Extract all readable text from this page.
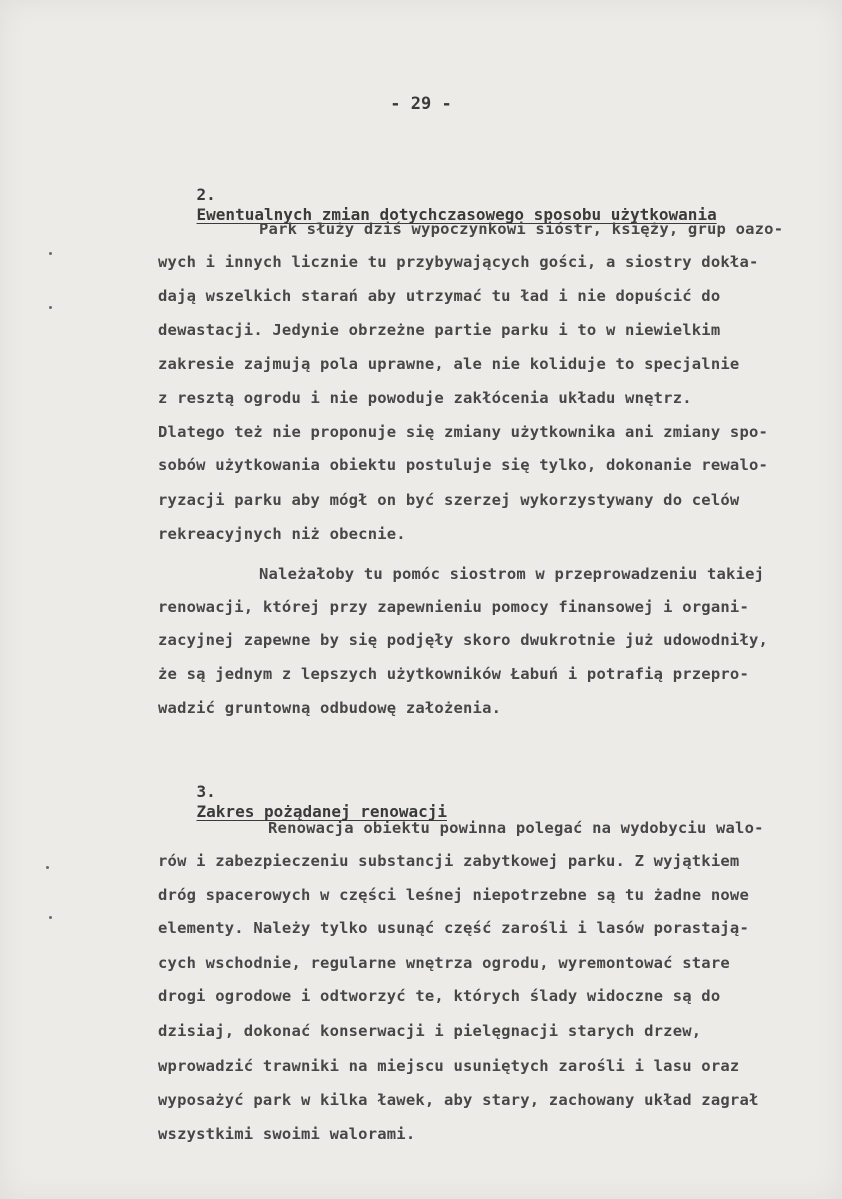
- 29 -

2.
Ewentualnych zmian dotychczasowego sposobu użytkowania

Park służy dziś wypoczynkowi sióstr, księży, grup oazo-
wych i innych licznie tu przybywających gości, a siostry dokła-
dają wszelkich starań aby utrzymać tu ład i nie dopuścić do
dewastacji. Jedynie obrzeżne partie parku i to w niewielkim
zakresie zajmują pola uprawne, ale nie koliduje to specjalnie
z resztą ogrodu i nie powoduje zakłócenia układu wnętrz.
Dlatego też nie proponuje się zmiany użytkownika ani zmiany spo-
sobów użytkowania obiektu postuluje się tylko, dokonanie rewalo-
ryzacji parku aby mógł on być szerzej wykorzystywany do celów
rekreacyjnych niż obecnie.
Należałoby tu pomóc siostrom w przeprowadzeniu takiej
renowacji, której przy zapewnieniu pomocy finansowej i organi-
zacyjnej zapewne by się podjęły skoro dwukrotnie już udowodniły,
że są jednym z lepszych użytkowników Łabuń i potrafią przepro-
wadzić gruntowną odbudowę założenia.

3.
Zakres pożądanej renowacji

Renowacja obiektu powinna polegać na wydobyciu walo-
rów i zabezpieczeniu substancji zabytkowej parku. Z wyjątkiem
dróg spacerowych w części leśnej niepotrzebne są tu żadne nowe
elementy. Należy tylko usunąć część zarośli i lasów porastają-
cych wschodnie, regularne wnętrza ogrodu, wyremontować stare
drogi ogrodowe i odtworzyć te, których ślady widoczne są do
dzisiaj, dokonać konserwacji i pielęgnacji starych drzew,
wprowadzić trawniki na miejscu usuniętych zarośli i lasu oraz
wyposażyć park w kilka ławek, aby stary, zachowany układ zagrał
wszystkimi swoimi walorami.
